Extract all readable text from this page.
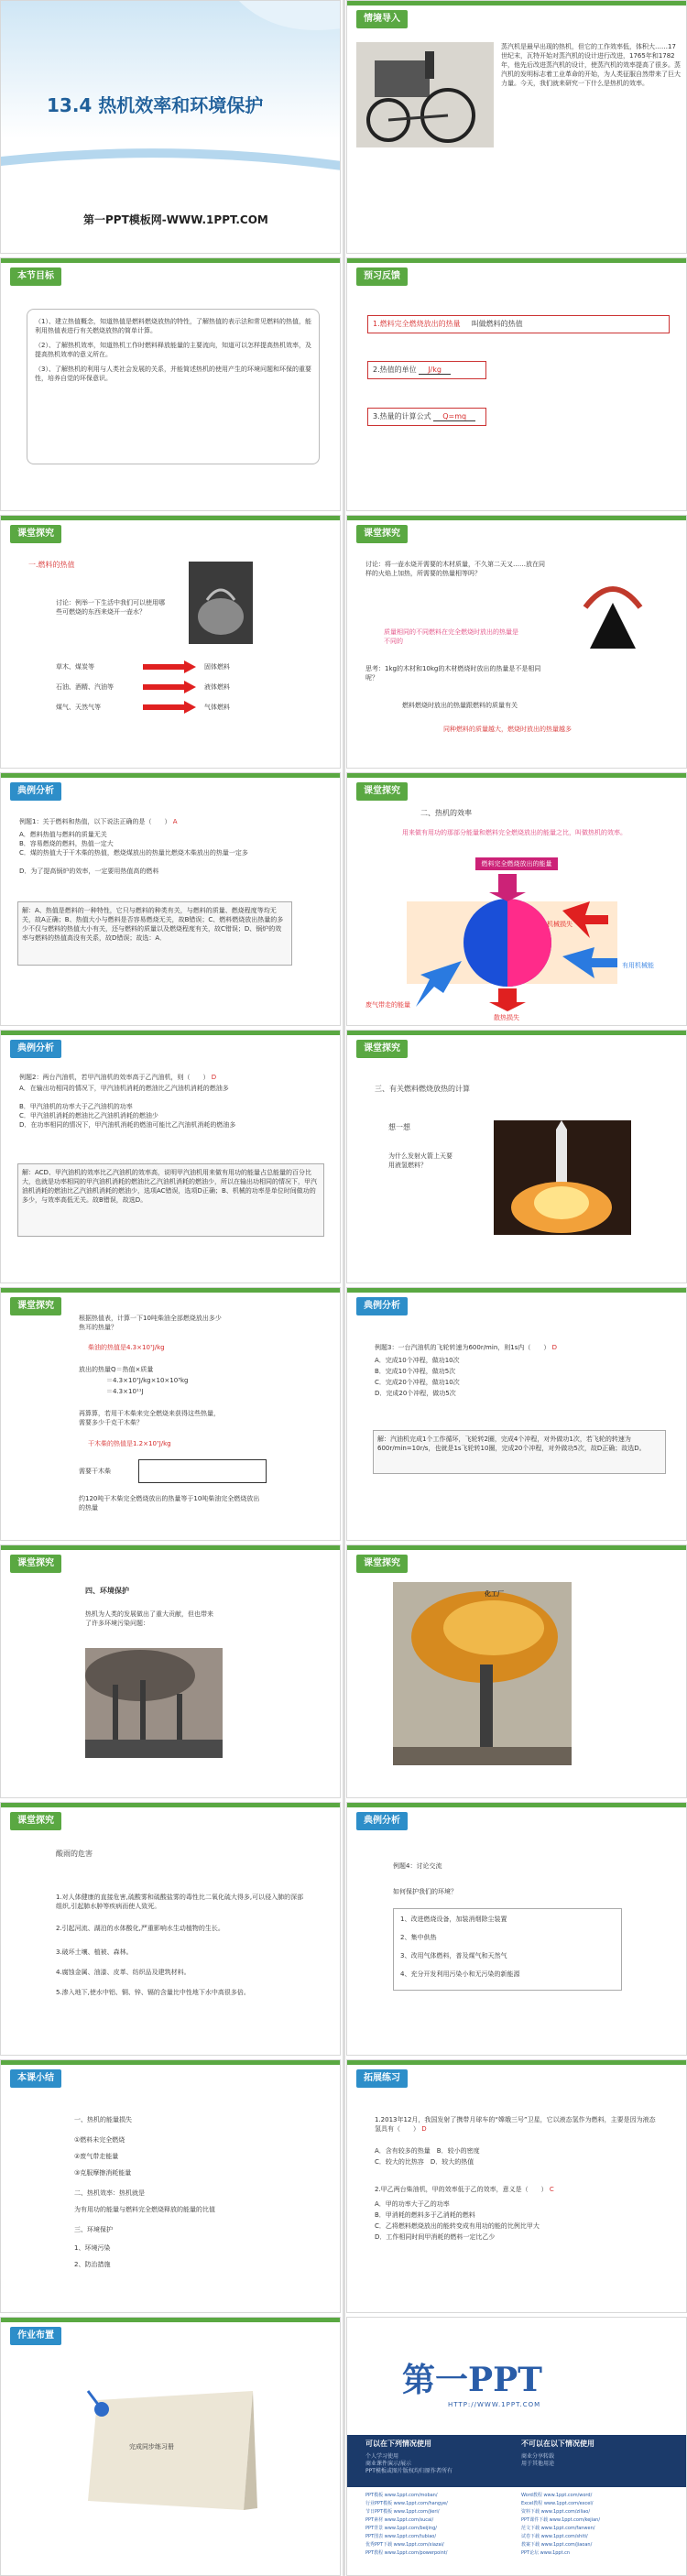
13.4 热机效率和环境保护
第一PPT模板网-WWW.1PPT.COM
情境导入
蒸汽机是最早出现的热机，但它的工作效率低，体积大……17世纪末，瓦特开始对蒸汽机的设计进行改进，1765年和1782年，他先后改进蒸汽机的设计，使蒸汽机的效率提高了很多。蒸汽机的发明标志着工业革命的开始，为人类征服自然带来了巨大力量。今天，我们就来研究一下什么是热机的效率。
本节目标
（1）、建立热值概念，知道热值是燃料燃烧放热的特性，了解热值的表示法和常见燃料的热值，能利用热值表进行有关燃烧放热的简单计算。
（2）、了解热机效率，知道热机工作时燃料释放能量的主要流向，知道可以怎样提高热机效率，及提高热机效率的意义所在。
（3）、了解热机的利用与人类社会发展的关系，并能简述热机的使用产生的环境问题和环保的重要性，培养自觉的环保意识。
预习反馈
1.燃料完全燃烧放出的热量 叫做燃料的热值
2.热值的单位 J/kg
3.热量的计算公式 Q=mq
课堂探究
一.燃料的热值
讨论：例举一下生活中我们可以使用哪些可燃烧的东西来烧开一壶水？
草木、煤炭等
石油、酒精、汽油等
煤气、天然气等
固体燃料
液体燃料
气体燃料
课堂探究
讨论：将一壶水烧开需要的木材质量，不久第二天又……放在同样的火焰上加热，所需要的热量相等吗？
质量相同的不同燃料在完全燃烧时放出的热量是不同的
思考：1kg的木材和10kg的木材燃烧时放出的热量是不是相同呢？
燃料燃烧时放出的热量跟燃料的质量有关
同种燃料的质量越大，燃烧时放出的热量越多
典例分析
例题1：关于燃料和热值，以下说法正确的是（　　） A
A．燃料热值与燃料的质量无关
B．容易燃烧的燃料，热值一定大
C．煤的热值大于干木柴的热值，燃烧煤放出的热量比燃烧木柴放出的热量一定多
D．为了提高锅炉的效率，一定要用热值高的燃料
解：A、热值是燃料的一种特性，它只与燃料的种类有关，与燃料的质量、燃烧程度等均无关，故A正确；B、热值大小与燃料是否容易燃烧无关，故B错误；C、燃料燃烧放出热量的多少不仅与燃料的热值大小有关，还与燃料的质量以及燃烧程度有关，故C错误；D、锅炉的效率与燃料的热值高没有关系，故D错误；故选：A．
课堂探究
二、热机的效率
用来做有用功的那部分能量和燃料完全燃烧放出的能量之比，叫做热机的效率。
燃料完全燃烧放出的能量
机械损失
有用机械能
废气带走的能量
散热损失
典例分析
例题2：两台汽油机，若甲汽油机的效率高于乙汽油机，则（　　） D
A．在输出功相同的情况下，甲汽油机消耗的燃油比乙汽油机消耗的燃油多
B．甲汽油机的功率大于乙汽油机的功率
C．甲汽油机消耗的燃油比乙汽油机消耗的燃油少
D．在功率相同的情况下，甲汽油机消耗的燃油可能比乙汽油机消耗的燃油多
解：ACD、甲汽油机的效率比乙汽油机的效率高，说明甲汽油机用来做有用功的能量占总能量的百分比大，也就是功率相同的甲汽油机消耗的燃油比乙汽油机消耗的燃油少，所以在输出功相同的情况下，甲汽油机消耗的燃油比乙汽油机消耗的燃油少，选项AC错误，选项D正确；B、机械的功率是单位时间做功的多少，与效率高低无关。故B错误，故选D。
课堂探究
三、有关燃料燃烧放热的计算
想一想
为什么发射火箭上天要用液氢燃料？
课堂探究
根据热值表，计算一下10吨柴油全部燃烧放出多少焦耳的热量？
柴油的热值是4.3×10⁷J/kg
放出的热量Q＝热值×质量
＝4.3×10⁷J/kg×10×10³kg
＝4.3×10¹¹J
再算算，若用干木柴来完全燃烧来获得这些热量，需要多少千克干木柴？
干木柴的热值是1.2×10⁷J/kg
需要干木柴
约120吨干木柴完全燃烧放出的热量等于10吨柴油完全燃烧放出的热量
典例分析
例题3：一台汽油机的飞轮转速为600r/min，则1s内（　　） D
A．完成10个冲程，做功10次
B．完成10个冲程，做功5次
C．完成20个冲程，做功10次
D．完成20个冲程，做功5次
解：汽油机完成1个工作循环，飞轮转2圈，完成4个冲程，对外做功1次，若飞轮的转速为600r/min=10r/s，也就是1s飞轮转10圈，完成20个冲程，对外做功5次，故D正确；故选D。
课堂探究
四、环境保护
热机为人类的发展做出了重大贡献，但也带来了许多环境污染问题：
课堂探究
化工厂
课堂探究
酸雨的危害
1.对人体健康的直接危害,硫酸雾和硫酸盐雾的毒性比二氧化硫大得多,可以侵入肺的深部组织,引起肺水肿等疾病而使人致死。
2.引起河流、湖泊的水体酸化,严重影响水生动植物的生长。
3.破坏土壤、植被、森林。
4.腐蚀金属、油漆、皮革、纺织品及建筑材料。
5.渗入地下,使水中铝、铜、锌、镉的含量比中性地下水中高很多倍。
典例分析
例题4：讨论交流
如何保护我们的环境？
1、改进燃烧设备，加装消烟除尘装置
2、集中供热
3、改用气体燃料，普及煤气和天然气
4、充分开发利用污染小和无污染的新能源
本课小结
一、热机的能量损失
①燃料未完全燃烧
②废气带走能量
③克服摩擦消耗能量
二、热机效率：热机就是
为有用功的能量与燃料完全燃烧释放的能量的比值
三、环境保护
1、环境污染
2、防治措施
拓展练习
1.2013年12月，我国发射了携带月球车的“嫦娥三号”卫星，它以液态氢作为燃料，主要是因为液态氢具有（　　） D
A．含有较多的热量　B．较小的密度
C．较大的比热容　D．较大的热值
2.甲乙两台柴油机，甲的效率低于乙的效率，意义是（　　） C
A．甲的功率大于乙的功率
B．甲消耗的燃料多于乙消耗的燃料
C．乙将燃料燃烧放出的能转变成有用功的能的比例比甲大
D．工作相同时间甲消耗的燃料一定比乙少
作业布置
完成同步练习册
第一PPT
HTTP://WWW.1PPT.COM
可以在下列情况使用	不可以在以下情况使用
个人学习使用
商业课件演示/展示
PPT模板或图片版权均归原作者所有
商业分享转载
用于其他用途
PPT模板 www.1ppt.com/moban/
行业PPT模板 www.1ppt.com/hangye/
节日PPT模板 www.1ppt.com/jieri/
PPT素材 www.1ppt.com/sucai/
PPT背景 www.1ppt.com/beijing/
PPT图表 www.1ppt.com/tubiao/
优秀PPT下载 www.1ppt.com/xiazai/
PPT教程 www.1ppt.com/powerpoint/
Word教程 www.1ppt.com/word/
Excel教程 www.1ppt.com/excel/
资料下载 www.1ppt.com/ziliao/
PPT课件下载 www.1ppt.com/kejian/
范文下载 www.1ppt.com/fanwen/
试卷下载 www.1ppt.com/shiti/
教案下载 www.1ppt.com/jiaoan/
PPT论坛 www.1ppt.cn
